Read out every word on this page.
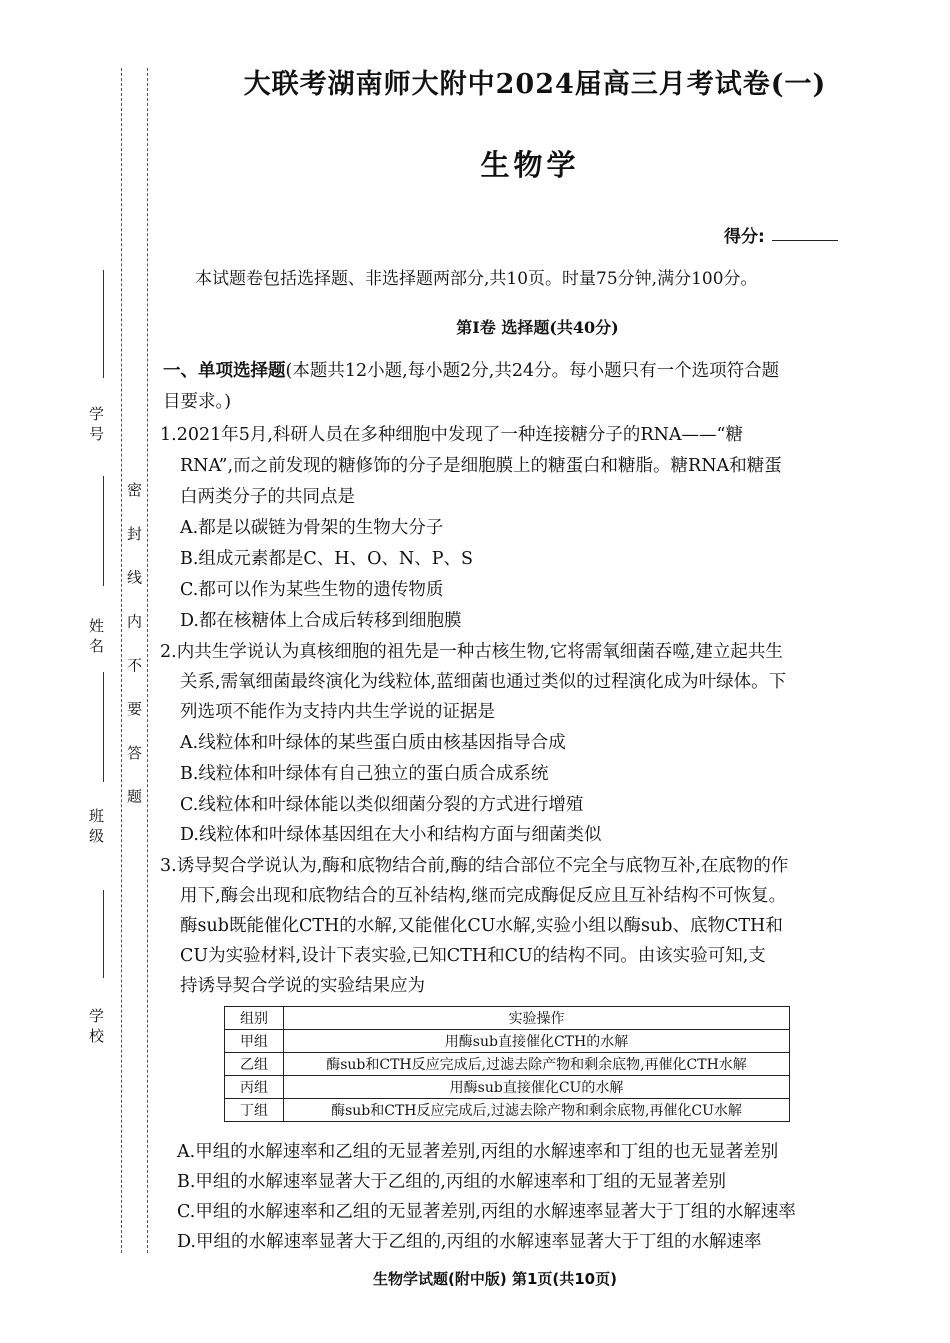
学 号
姓 名
班 级
学 校
密 封 线 内 不 要 答 题
大联考湖南师大附中2024届高三月考试卷(一)
生物学
得分:
本试题卷包括选择题、非选择题两部分,共10页。时量75分钟,满分100分。
第Ⅰ卷 选择题(共40分)
一、单项选择题(本题共12小题,每小题2分,共24分。每小题只有一个选项符合题
目要求。)
1.2021年5月,科研人员在多种细胞中发现了一种连接糖分子的RNA——“糖
RNA”,而之前发现的糖修饰的分子是细胞膜上的糖蛋白和糖脂。糖RNA和糖蛋
白两类分子的共同点是
A.都是以碳链为骨架的生物大分子
B.组成元素都是C、H、O、N、P、S
C.都可以作为某些生物的遗传物质
D.都在核糖体上合成后转移到细胞膜
2.内共生学说认为真核细胞的祖先是一种古核生物,它将需氧细菌吞噬,建立起共生
关系,需氧细菌最终演化为线粒体,蓝细菌也通过类似的过程演化成为叶绿体。下
列选项不能作为支持内共生学说的证据是
A.线粒体和叶绿体的某些蛋白质由核基因指导合成
B.线粒体和叶绿体有自己独立的蛋白质合成系统
C.线粒体和叶绿体能以类似细菌分裂的方式进行增殖
D.线粒体和叶绿体基因组在大小和结构方面与细菌类似
3.诱导契合学说认为,酶和底物结合前,酶的结合部位不完全与底物互补,在底物的作
用下,酶会出现和底物结合的互补结构,继而完成酶促反应且互补结构不可恢复。
酶sub既能催化CTH的水解,又能催化CU水解,实验小组以酶sub、底物CTH和
CU为实验材料,设计下表实验,已知CTH和CU的结构不同。由该实验可知,支
持诱导契合学说的实验结果应为
组别	实验操作
甲组	用酶sub直接催化CTH的水解
乙组	酶sub和CTH反应完成后,过滤去除产物和剩余底物,再催化CTH水解
丙组	用酶sub直接催化CU的水解
丁组	酶sub和CTH反应完成后,过滤去除产物和剩余底物,再催化CU水解
A.甲组的水解速率和乙组的无显著差别,丙组的水解速率和丁组的也无显著差别
B.甲组的水解速率显著大于乙组的,丙组的水解速率和丁组的无显著差别
C.甲组的水解速率和乙组的无显著差别,丙组的水解速率显著大于丁组的水解速率
D.甲组的水解速率显著大于乙组的,丙组的水解速率显著大于丁组的水解速率
生物学试题(附中版) 第1页(共10页)
